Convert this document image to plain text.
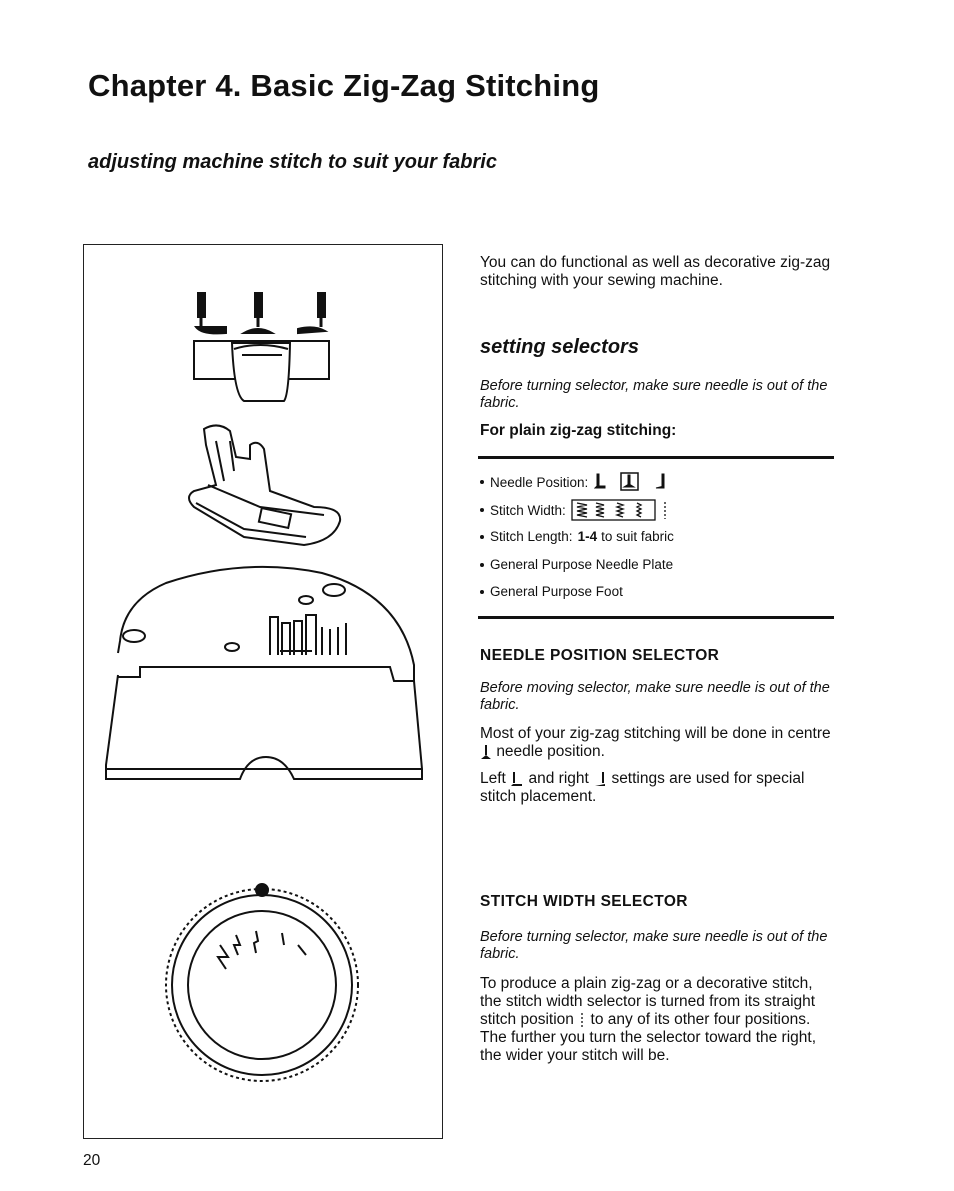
Chapter 4. Basic Zig-Zag Stitching
adjusting machine stitch to suit your fabric
You can do functional as well as decorative zig-zag stitching with your sewing machine.
setting selectors
Before turning selector, make sure needle is out of the fabric.
For plain zig-zag stitching:
Needle Position:
Stitch Width:
Stitch Length: 1-4 to suit fabric
General Purpose Needle Plate
General Purpose Foot
NEEDLE POSITION SELECTOR
Before moving selector, make sure needle is out of the fabric.
Most of your zig-zag stitching will be done in centre  needle position.
Left and right settings are used for special stitch placement.
STITCH WIDTH SELECTOR
Before turning selector, make sure needle is out of the fabric.
To produce a plain zig-zag or a decorative stitch, the stitch width selector is turned from its straight stitch position to any of its other four positions. The further you turn the selector toward the right, the wider your stitch will be.
20
